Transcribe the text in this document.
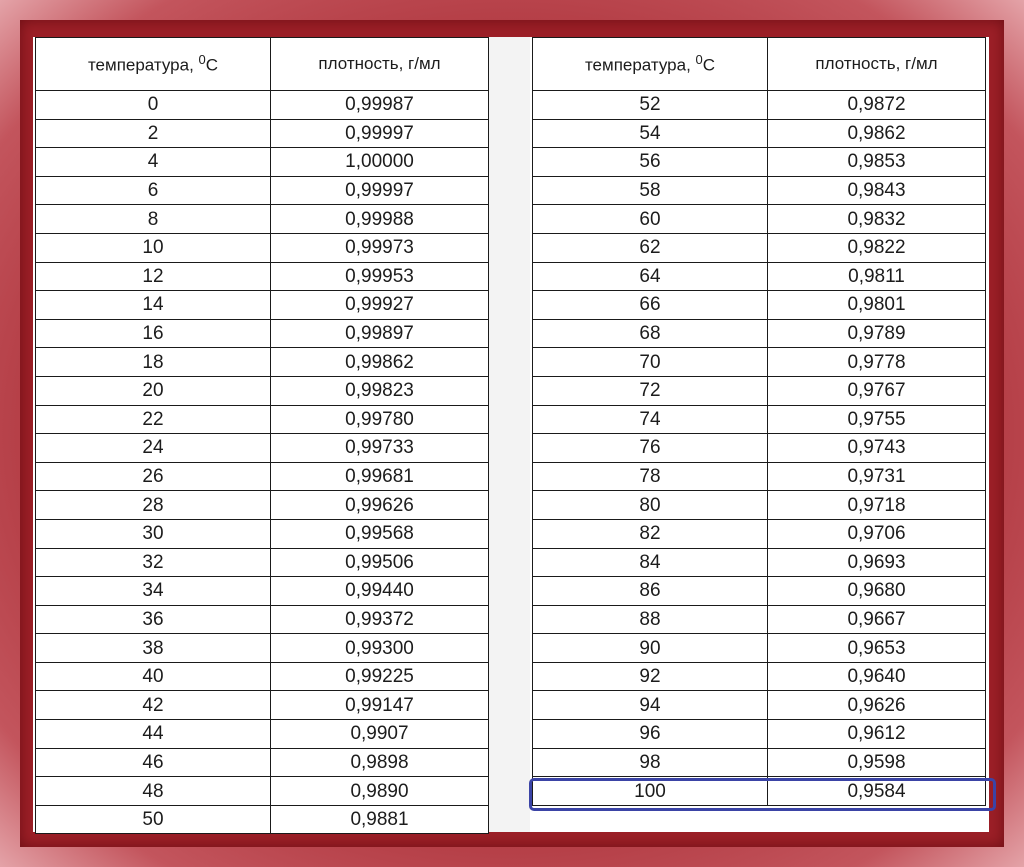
температура, $^0$C	плотность, г/мл
0	0,99987
2	0,99997
4	1,00000
6	0,99997
8	0,99988
10	0,99973
12	0,99953
14	0,99927
16	0,99897
18	0,99862
20	0,99823
22	0,99780
24	0,99733
26	0,99681
28	0,99626
30	0,99568
32	0,99506
34	0,99440
36	0,99372
38	0,99300
40	0,99225
42	0,99147
44	0,9907
46	0,9898
48	0,9890
50	0,9881
температура, $^0$C	плотность, г/мл
52	0,9872
54	0,9862
56	0,9853
58	0,9843
60	0,9832
62	0,9822
64	0,9811
66	0,9801
68	0,9789
70	0,9778
72	0,9767
74	0,9755
76	0,9743
78	0,9731
80	0,9718
82	0,9706
84	0,9693
86	0,9680
88	0,9667
90	0,9653
92	0,9640
94	0,9626
96	0,9612
98	0,9598
100	0,9584
